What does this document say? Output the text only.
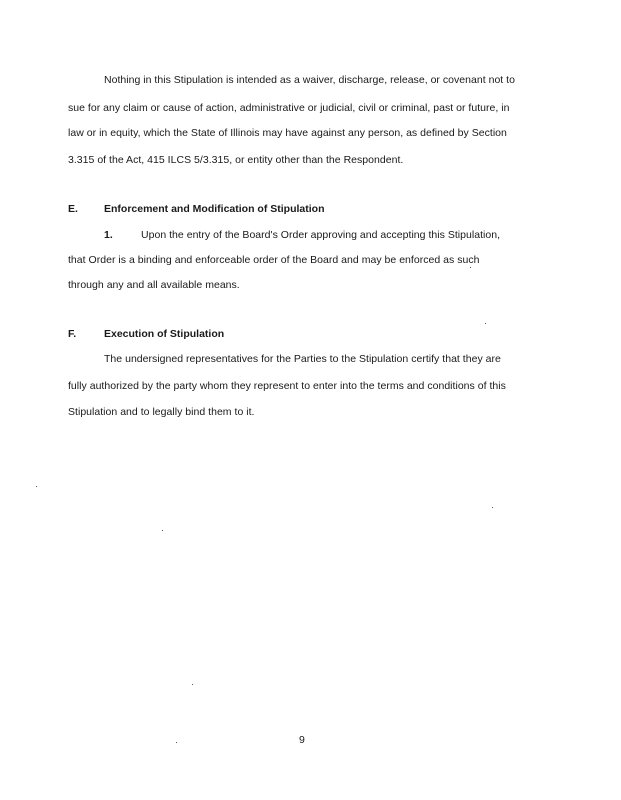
Nothing in this Stipulation is intended as a waiver, discharge, release, or covenant not to
sue for any claim or cause of action, administrative or judicial, civil or criminal, past or future, in
law or in equity, which the State of Illinois may have against any person, as defined by Section
3.315 of the Act, 415 ILCS 5/3.315, or entity other than the Respondent.
E. Enforcement and Modification of Stipulation
1.	Upon the entry of the Board's Order approving and accepting this Stipulation,
that Order is a binding and enforceable order of the Board and may be enforced as such
through any and all available means.
F.	Execution of Stipulation
The undersigned representatives for the Parties to the Stipulation certify that they are
fully authorized by the party whom they represent to enter into the terms and conditions of this
Stipulation and to legally bind them to it.
9
